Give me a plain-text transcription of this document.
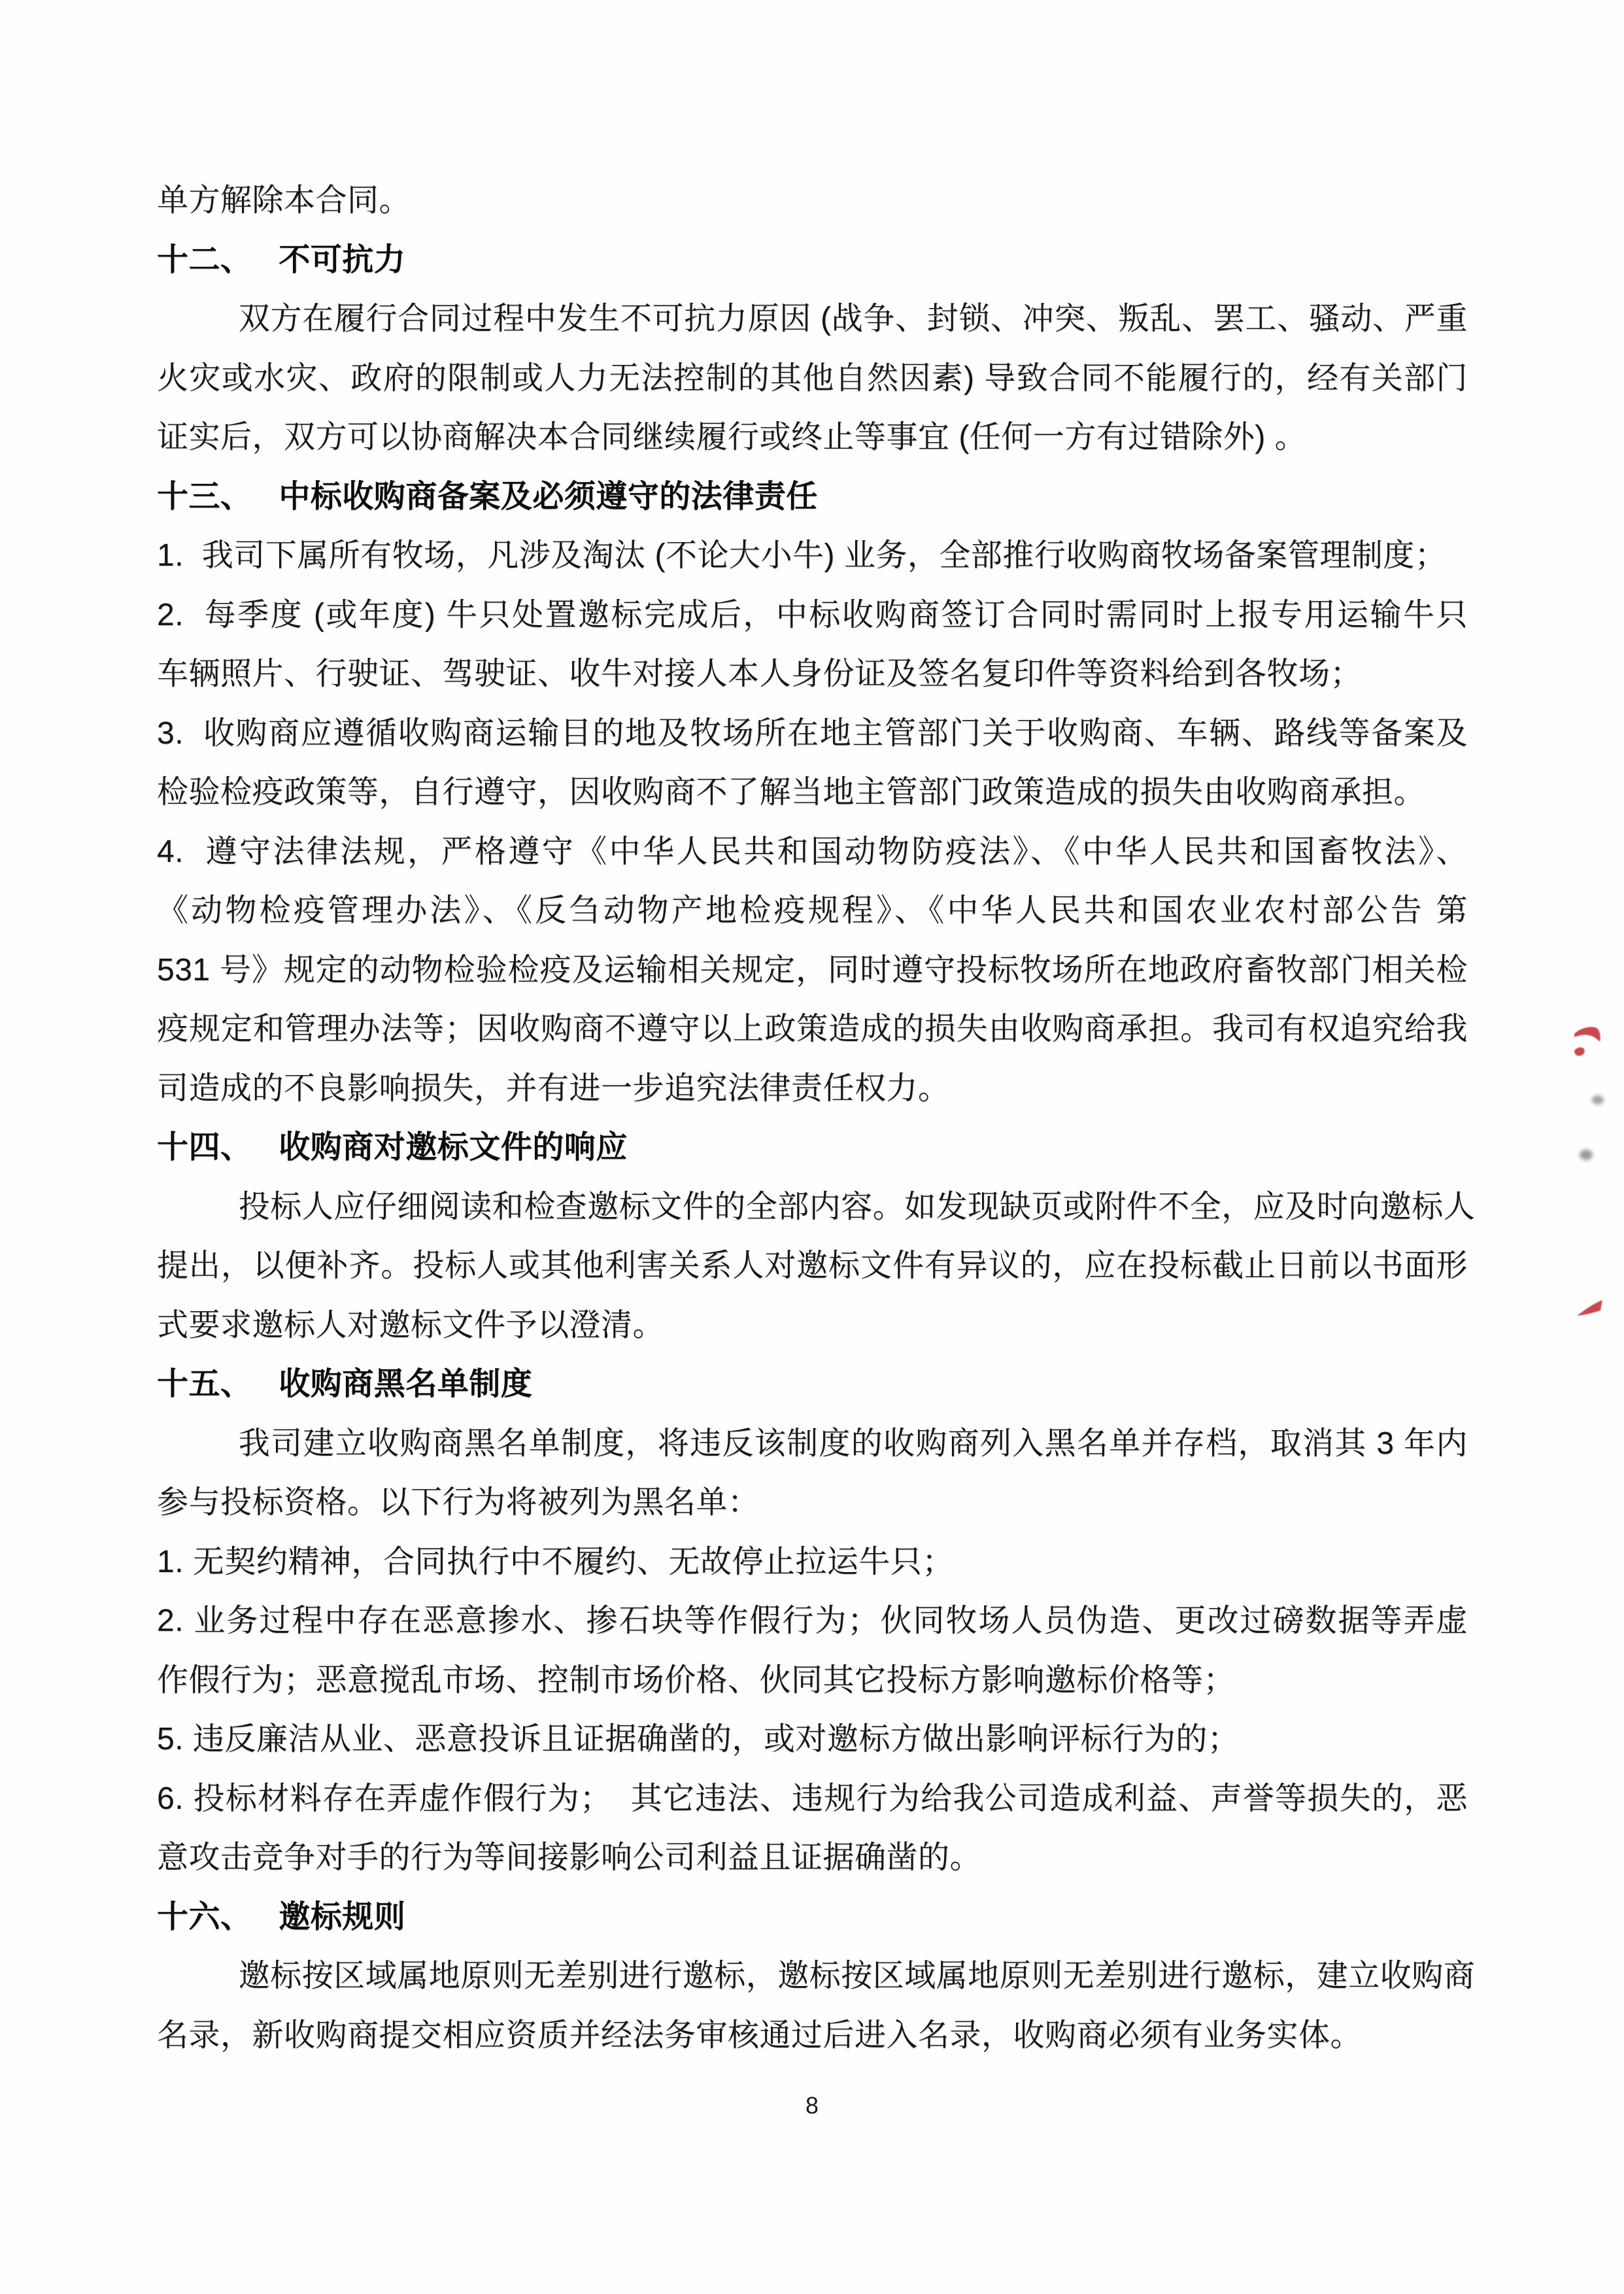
单方解除本合同。
十二、 不可抗力
双方在履行合同过程中发生不可抗力原因 (战争、封锁、冲突、叛乱、罢工、骚动、严重
火灾或水灾、政府的限制或人力无法控制的其他自然因素) 导致合同不能履行的，经有关部门
证实后，双方可以协商解决本合同继续履行或终止等事宜 (任何一方有过错除外) 。
十三、 中标收购商备案及必须遵守的法律责任
1.  我司下属所有牧场，凡涉及淘汰 (不论大小牛) 业务，全部推行收购商牧场备案管理制度；
2.  每季度 (或年度) 牛只处置邀标完成后，中标收购商签订合同时需同时上报专用运输牛只
车辆照片、行驶证、驾驶证、收牛对接人本人身份证及签名复印件等资料给到各牧场；
3.  收购商应遵循收购商运输目的地及牧场所在地主管部门关于收购商、车辆、路线等备案及
检验检疫政策等，自行遵守，因收购商不了解当地主管部门政策造成的损失由收购商承担。
4.  遵守法律法规，严格遵守《中华人民共和国动物防疫法》、《中华人民共和国畜牧法》、
《动物检疫管理办法》、《反刍动物产地检疫规程》、《中华人民共和国农业农村部公告 第
531 号》规定的动物检验检疫及运输相关规定，同时遵守投标牧场所在地政府畜牧部门相关检
疫规定和管理办法等；因收购商不遵守以上政策造成的损失由收购商承担。我司有权追究给我
司造成的不良影响损失，并有进一步追究法律责任权力。
十四、 收购商对邀标文件的响应
投标人应仔细阅读和检查邀标文件的全部内容。如发现缺页或附件不全，应及时向邀标人
提出，以便补齐。投标人或其他利害关系人对邀标文件有异议的，应在投标截止日前以书面形
式要求邀标人对邀标文件予以澄清。
十五、 收购商黑名单制度
我司建立收购商黑名单制度，将违反该制度的收购商列入黑名单并存档，取消其 3 年内
参与投标资格。以下行为将被列为黑名单：
1. 无契约精神，合同执行中不履约、无故停止拉运牛只；
2. 业务过程中存在恶意掺水、掺石块等作假行为；伙同牧场人员伪造、更改过磅数据等弄虚
作假行为；恶意搅乱市场、控制市场价格、伙同其它投标方影响邀标价格等；
5. 违反廉洁从业、恶意投诉且证据确凿的，或对邀标方做出影响评标行为的；
6. 投标材料存在弄虚作假行为；  其它违法、违规行为给我公司造成利益、声誉等损失的，恶
意攻击竞争对手的行为等间接影响公司利益且证据确凿的。
十六、 邀标规则
邀标按区域属地原则无差别进行邀标，邀标按区域属地原则无差别进行邀标，建立收购商
名录，新收购商提交相应资质并经法务审核通过后进入名录，收购商必须有业务实体。
8
